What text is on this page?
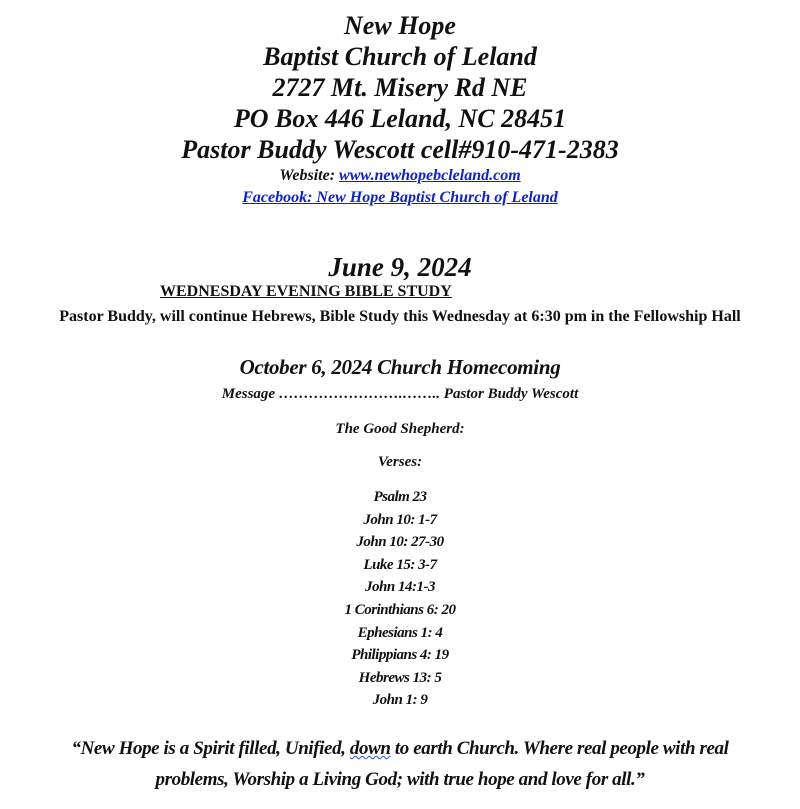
New Hope
Baptist Church of Leland
2727 Mt. Misery Rd NE
PO Box 446 Leland, NC 28451
Pastor Buddy Wescott cell#910-471-2383
Website: www.newhopebcleland.com
Facebook: New Hope Baptist Church of Leland
June 9, 2024
WEDNESDAY EVENING BIBLE STUDY
Pastor Buddy, will continue Hebrews, Bible Study this Wednesday at 6:30 pm in the Fellowship Hall
October 6, 2024 Church Homecoming
Message …………………….…….. Pastor Buddy Wescott
The Good Shepherd:
Verses:
Psalm 23
John 10: 1-7
John 10: 27-30
Luke 15: 3-7
John 14:1-3
1 Corinthians 6: 20
Ephesians 1: 4
Philippians 4: 19
Hebrews 13: 5
John 1: 9
“New Hope is a Spirit filled, Unified, down to earth Church. Where real people with real
problems, Worship a Living God; with true hope and love for all.”
